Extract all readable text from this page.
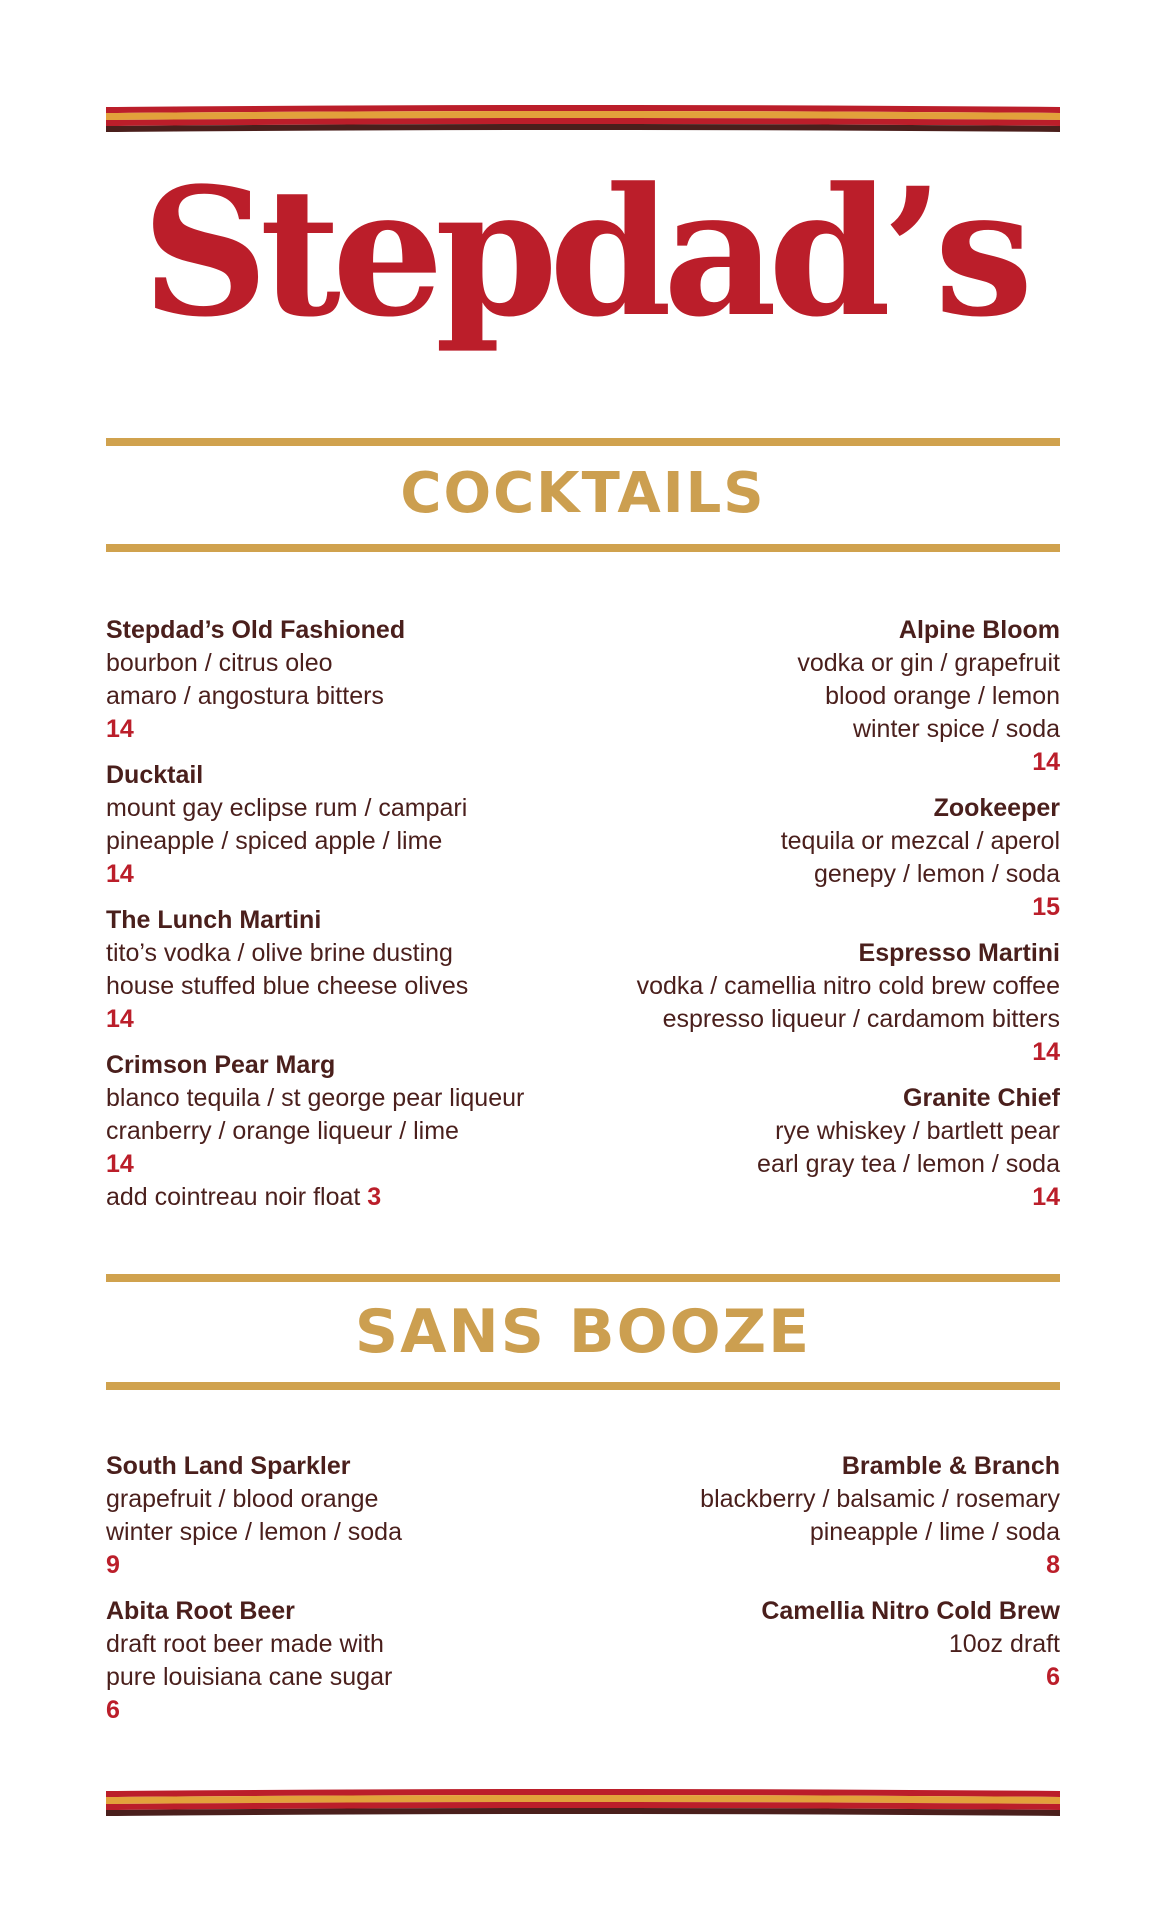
Stepdad’s
COCKTAILS
Stepdad’s Old Fashioned
bourbon / citrus oleo
amaro / angostura bitters
14
Ducktail
mount gay eclipse rum / campari
pineapple / spiced apple / lime
14
The Lunch Martini
tito’s vodka / olive brine dusting
house stuffed blue cheese olives
14
Crimson Pear Marg
blanco tequila / st george pear liqueur
cranberry / orange liqueur / lime
14
add cointreau noir float 3
Alpine Bloom
vodka or gin / grapefruit
blood orange / lemon
winter spice / soda
14
Zookeeper
tequila or mezcal / aperol
genepy / lemon / soda
15
Espresso Martini
vodka / camellia nitro cold brew coffee
espresso liqueur / cardamom bitters
14
Granite Chief
rye whiskey / bartlett pear
earl gray tea / lemon / soda
14
SANS BOOZE
South Land Sparkler
grapefruit / blood orange
winter spice / lemon / soda
9
Abita Root Beer
draft root beer made with
pure louisiana cane sugar
6
Bramble & Branch
blackberry / balsamic / rosemary
pineapple / lime / soda
8
Camellia Nitro Cold Brew
10oz draft
6
